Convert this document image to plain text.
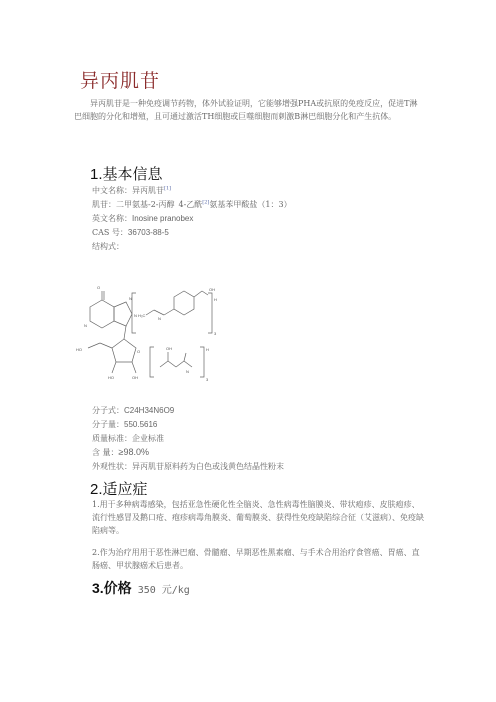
异丙肌苷
异丙肌苷是一种免疫调节药物，体外试验证明，它能够增强PHA或抗原的免疫反应，促进T淋巴细胞的分化和增殖，且可通过激活TH细胞或巨噬细胞而刺激B淋巴细胞分化和产生抗体。
1.基本信息
中文名称：异丙肌苷[1]
肌苷：二甲氨基-2-丙醇 4-乙酰[2]氨基苯甲酸盐（1：3）
英文名称：Inosine pranobex
CAS 号：36703-88-5
结构式：
O
N
N
N
HO
HO	OH
O
OH
H₃C
N
H
3
OH
N
H
3
分子式：C24H34N6O9
分子量：550.5616
质量标准：企业标准
含 量：≥98.0%
外观性状：异丙肌苷原料药为白色或浅黄色结晶性粉末
2.适应症
1.用于多种病毒感染，包括亚急性硬化性全脑炎、急性病毒性脑膜炎、带状疱疹、皮肤疱疹、流行性感冒及鹅口疮、疱疹病毒角膜炎、葡萄膜炎、获得性免疫缺陷综合征（艾滋病）、免疫缺陷病等。
2.作为治疗用用于恶性淋巴瘤、骨髓瘤、早期恶性黑素瘤、与手术合用治疗食管癌、胃癌、直肠癌、甲状腺癌术后患者。
3.价格 350 元/kg
